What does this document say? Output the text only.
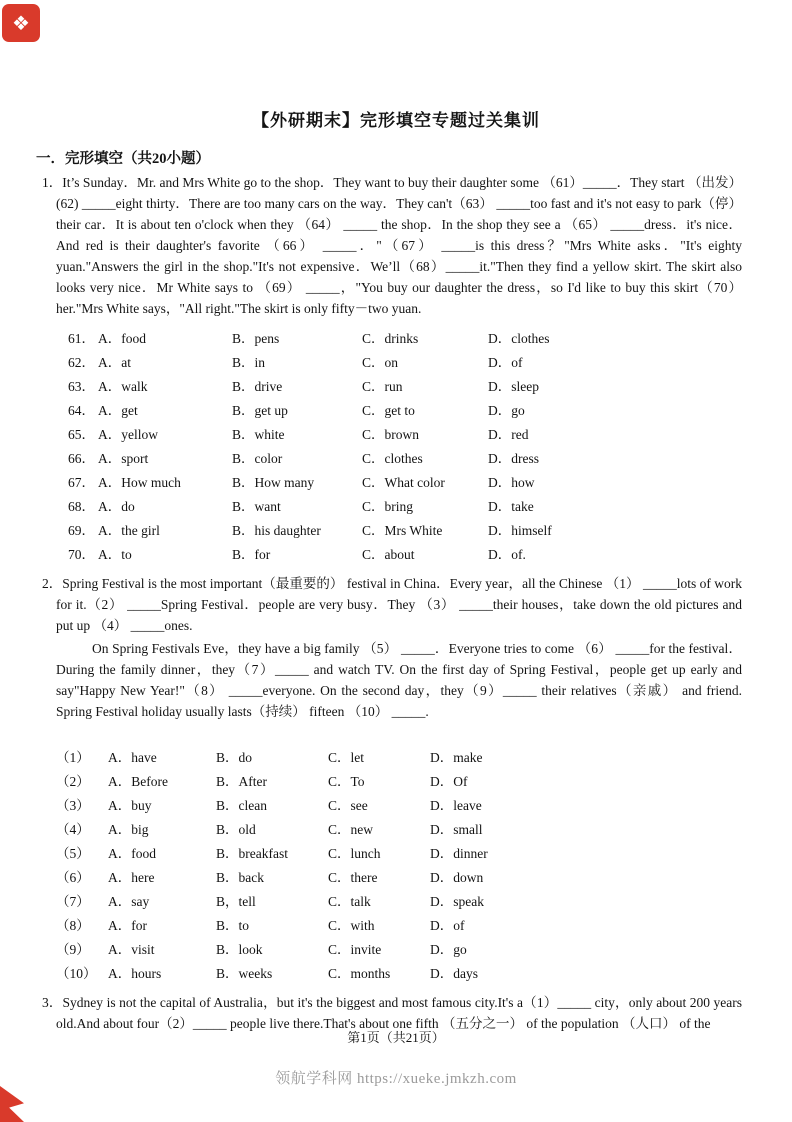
❖
【外研期末】完形填空专题过关集训
一．完形填空（共20小题）

1．It’s Sunday．Mr. and Mrs White go to the shop．They want to buy their daughter some （61）_____．They start （出发）(62) _____eight thirty．There are too many cars on the way．They can't（63） _____too fast and it's not easy to park（停）their car．It is about ten o'clock when they （64） _____ the shop．In the shop they see a （65） _____dress．it's nice．And red is their daughter's favorite （66） _____．"（67） _____is this dress？"Mrs White asks．"It's eighty yuan."Answers the girl in the shop."It's not expensive．We’ll（68）_____it."Then they find a yellow skirt. The skirt also looks very nice．Mr White says to （69） _____，"You buy our daughter the dress，so I'd like to buy this skirt（70）her."Mrs White says，"All right."The skirt is only fifty－two yuan.

61．	A．food	B．pens	C．drinks	D．clothes
62．	A．at	B．in	C．on	D．of
63．	A．walk	B．drive	C．run	D．sleep
64．	A．get	B．get up	C．get to	D．go
65．	A．yellow	B．white	C．brown	D．red
66．	A．sport	B．color	C．clothes	D．dress
67．	A．How much	B．How many	C．What color	D．how
68．	A．do	B．want	C．bring	D．take
69．	A．the girl	B．his daughter	C．Mrs White	D．himself
70．	A．to	B．for	C．about	D．of.

2．Spring Festival is the most important（最重要的） festival in China．Every year，all the Chinese （1） _____lots of work for it.（2） _____Spring Festival．people are very busy．They （3） _____their houses，take down the old pictures and put up （4） _____ones.

On Spring Festivals Eve，they have a big family （5） _____．Everyone tries to come （6） _____for the festival．During the family dinner，they（7）_____ and watch TV. On the first day of Spring Festival，people get up early and say"Happy New Year!"（8） _____everyone. On the second day，they（9）_____ their relatives（亲戚） and friend. Spring Festival holiday usually lasts（持续） fifteen （10） _____.

（1）	A．have	B．do	C．let	D．make
（2）	A．Before	B．After	C．To	D．Of
（3）	A．buy	B．clean	C．see	D．leave
（4）	A．big	B．old	C．new	D．small
（5）	A．food	B．breakfast	C．lunch	D．dinner
（6）	A．here	B．back	C．there	D．down
（7）	A．say	B，tell	C．talk	D．speak
（8）	A．for	B．to	C．with	D．of
（9）	A．visit	B．look	C．invite	D．go
（10）	A．hours	B．weeks	C．months	D．days

3．Sydney is not the capital of Australia，but it's the biggest and most famous city.It's a（1）_____ city，only about 200 years old.And about four（2）_____ people live there.That's about one fifth （五分之一） of the population （人口） of the

第1页（共21页）
领航学科网 https://xueke.jmkzh.com
